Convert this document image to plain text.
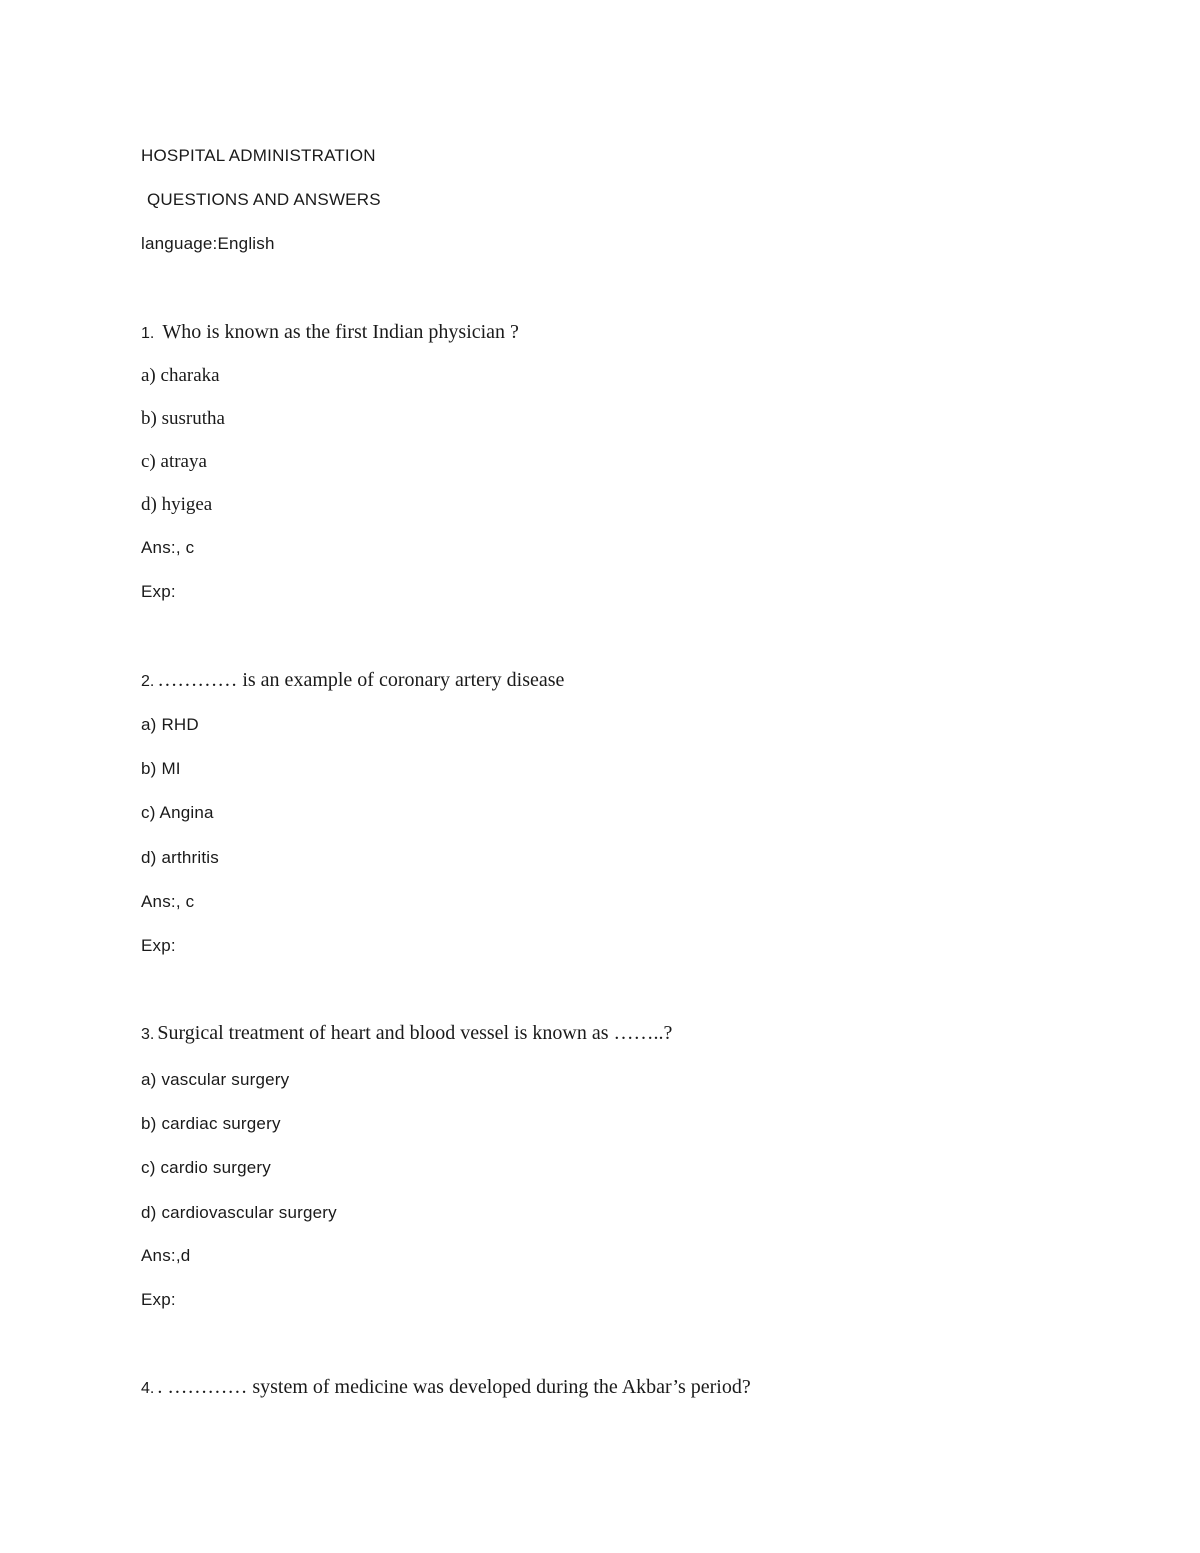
HOSPITAL ADMINISTRATION
QUESTIONS AND ANSWERS
language:English
1. Who is known as the first Indian physician ?
a) charaka
b) susrutha
c) atraya
d) hyigea
Ans:, c
Exp:
2. ………… is an example of coronary artery disease
a) RHD
b) MI
c) Angina
d) arthritis
Ans:, c
Exp:
3. Surgical treatment of heart and blood vessel is known as ……..?
a) vascular surgery
b) cardiac surgery
c) cardio surgery
d) cardiovascular surgery
Ans:,d
Exp:
4. . ………… system of medicine was developed during the Akbar’s period?
